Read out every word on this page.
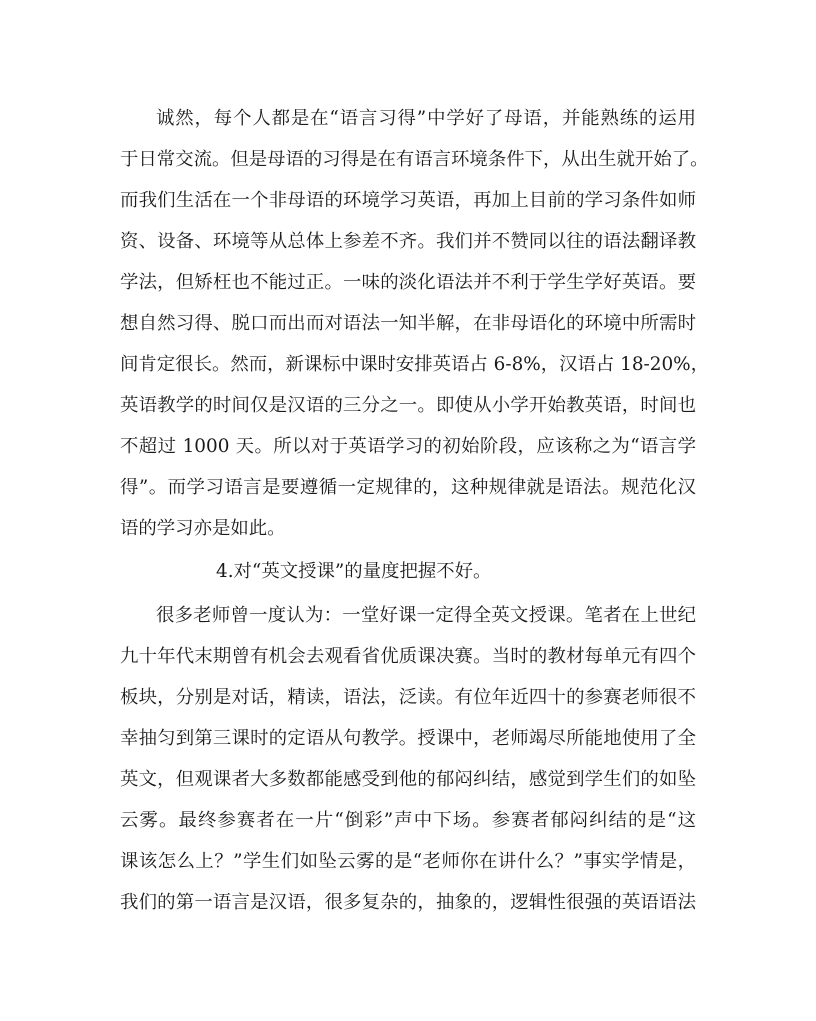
诚然，每个人都是在“语言习得”中学好了母语，并能熟练的运用
于日常交流。但是母语的习得是在有语言环境条件下，从出生就开始了。
而我们生活在一个非母语的环境学习英语，再加上目前的学习条件如师
资、设备、环境等从总体上参差不齐。我们并不赞同以往的语法翻译教
学法，但矫枉也不能过正。一味的淡化语法并不利于学生学好英语。要
想自然习得、脱口而出而对语法一知半解，在非母语化的环境中所需时
间肯定很长。然而，新课标中课时安排英语占 6-8%，汉语占 18-20%，
英语教学的时间仅是汉语的三分之一。即使从小学开始教英语，时间也
不超过 1000 天。所以对于英语学习的初始阶段，应该称之为“语言学
得”。而学习语言是要遵循一定规律的，这种规律就是语法。规范化汉
语的学习亦是如此。
4.对“英文授课”的量度把握不好。
很多老师曾一度认为：一堂好课一定得全英文授课。笔者在上世纪
九十年代末期曾有机会去观看省优质课决赛。当时的教材每单元有四个
板块，分别是对话，精读，语法，泛读。有位年近四十的参赛老师很不
幸抽匀到第三课时的定语从句教学。授课中，老师竭尽所能地使用了全
英文，但观课者大多数都能感受到他的郁闷纠结，感觉到学生们的如坠
云雾。最终参赛者在一片“倒彩”声中下场。参赛者郁闷纠结的是“这
课该怎么上？”学生们如坠云雾的是“老师你在讲什么？”事实学情是，
我们的第一语言是汉语，很多复杂的，抽象的，逻辑性很强的英语语法
